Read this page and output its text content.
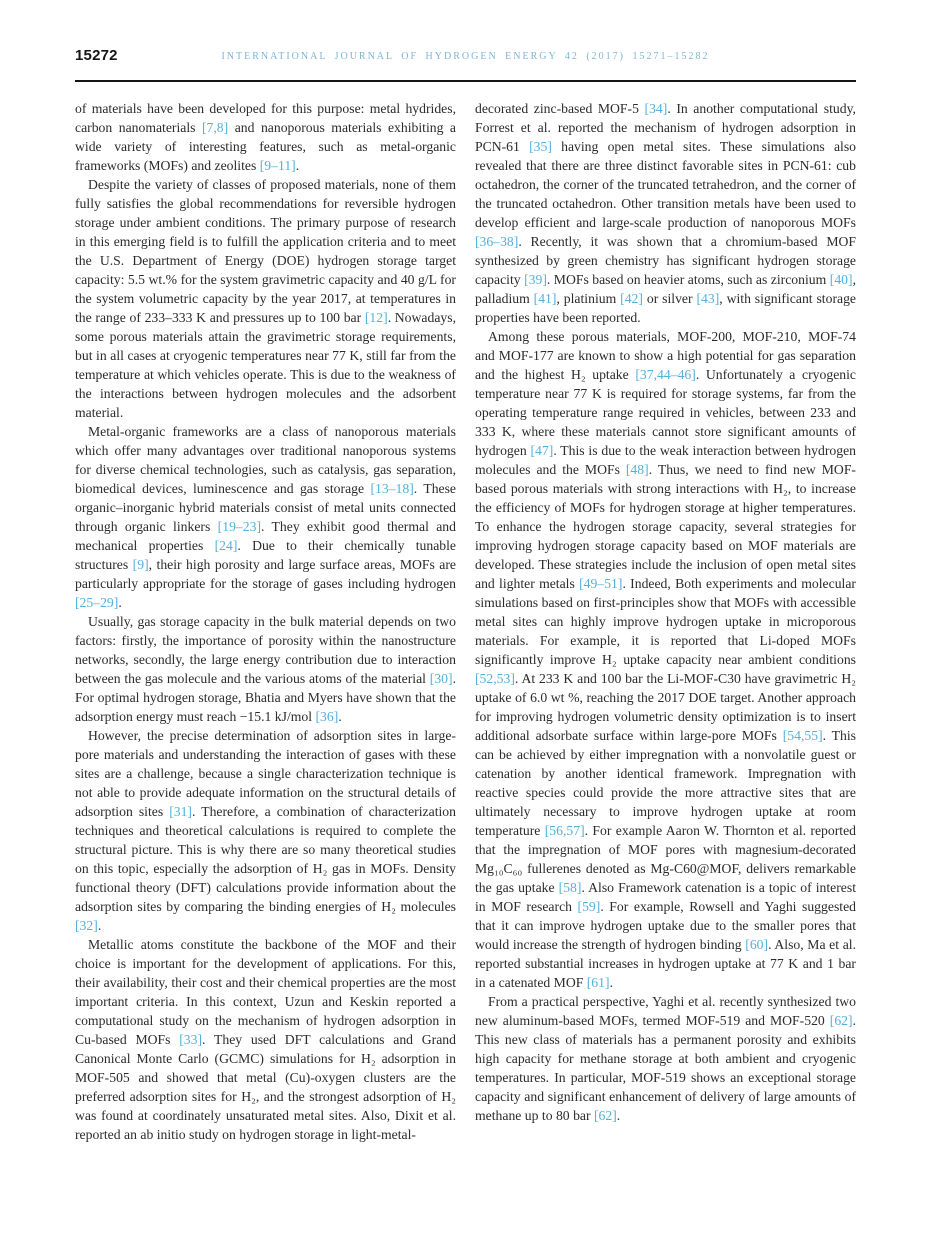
15272	INTERNATIONAL JOURNAL OF HYDROGEN ENERGY 42 (2017) 15271–15282

of materials have been developed for this purpose: metal hydrides, carbon nanomaterials [7,8] and nanoporous materials exhibiting a wide variety of interesting features, such as metal-organic frameworks (MOFs) and zeolites [9–11].

Despite the variety of classes of proposed materials, none of them fully satisfies the global recommendations for reversible hydrogen storage under ambient conditions. The primary purpose of research in this emerging field is to fulfill the application criteria and to meet the U.S. Department of Energy (DOE) hydrogen storage target capacity: 5.5 wt.% for the system gravimetric capacity and 40 g/L for the system volumetric capacity by the year 2017, at temperatures in the range of 233–333 K and pressures up to 100 bar [12]. Nowadays, some porous materials attain the gravimetric storage requirements, but in all cases at cryogenic temperatures near 77 K, still far from the temperature at which vehicles operate. This is due to the weakness of the interactions between hydrogen molecules and the adsorbent material.

Metal-organic frameworks are a class of nanoporous materials which offer many advantages over traditional nanoporous systems for diverse chemical technologies, such as catalysis, gas separation, biomedical devices, luminescence and gas storage [13–18]. These organic–inorganic hybrid materials consist of metal units connected through organic linkers [19–23]. They exhibit good thermal and mechanical properties [24]. Due to their chemically tunable structures [9], their high porosity and large surface areas, MOFs are particularly appropriate for the storage of gases including hydrogen [25–29].

Usually, gas storage capacity in the bulk material depends on two factors: firstly, the importance of porosity within the nanostructure networks, secondly, the large energy contribution due to interaction between the gas molecule and the various atoms of the material [30]. For optimal hydrogen storage, Bhatia and Myers have shown that the adsorption energy must reach −15.1 kJ/mol [36].

However, the precise determination of adsorption sites in large-pore materials and understanding the interaction of gases with these sites are a challenge, because a single characterization technique is not able to provide adequate information on the structural details of adsorption sites [31]. Therefore, a combination of characterization techniques and theoretical calculations is required to complete the structural picture. This is why there are so many theoretical studies on this topic, especially the adsorption of H₂ gas in MOFs. Density functional theory (DFT) calculations provide information about the adsorption sites by comparing the binding energies of H₂ molecules [32].

Metallic atoms constitute the backbone of the MOF and their choice is important for the development of applications. For this, their availability, their cost and their chemical properties are the most important criteria. In this context, Uzun and Keskin reported a computational study on the mechanism of hydrogen adsorption in Cu-based MOFs [33]. They used DFT calculations and Grand Canonical Monte Carlo (GCMC) simulations for H₂ adsorption in MOF-505 and showed that metal (Cu)-oxygen clusters are the preferred adsorption sites for H₂, and the strongest adsorption of H₂ was found at coordinately unsaturated metal sites. Also, Dixit et al. reported an ab initio study on hydrogen storage in light-metal-

decorated zinc-based MOF-5 [34]. In another computational study, Forrest et al. reported the mechanism of hydrogen adsorption in PCN-61 [35] having open metal sites. These simulations also revealed that there are three distinct favorable sites in PCN-61: cub octahedron, the corner of the truncated tetrahedron, and the corner of the truncated octahedron. Other transition metals have been used to develop efficient and large-scale production of nanoporous MOFs [36–38]. Recently, it was shown that a chromium-based MOF synthesized by green chemistry has significant hydrogen storage capacity [39]. MOFs based on heavier atoms, such as zirconium [40], palladium [41], platinium [42] or silver [43], with significant storage properties have been reported.

Among these porous materials, MOF-200, MOF-210, MOF-74 and MOF-177 are known to show a high potential for gas separation and the highest H₂ uptake [37,44–46]. Unfortunately a cryogenic temperature near 77 K is required for storage systems, far from the operating temperature range required in vehicles, between 233 and 333 K, where these materials cannot store significant amounts of hydrogen [47]. This is due to the weak interaction between hydrogen molecules and the MOFs [48]. Thus, we need to find new MOF-based porous materials with strong interactions with H₂, to increase the efficiency of MOFs for hydrogen storage at higher temperatures. To enhance the hydrogen storage capacity, several strategies for improving hydrogen storage capacity based on MOF materials are developed. These strategies include the inclusion of open metal sites and lighter metals [49–51]. Indeed, Both experiments and molecular simulations based on first-principles show that MOFs with accessible metal sites can highly improve hydrogen uptake in microporous materials. For example, it is reported that Li-doped MOFs significantly improve H₂ uptake capacity near ambient conditions [52,53]. At 233 K and 100 bar the Li-MOF-C30 have gravimetric H₂ uptake of 6.0 wt %, reaching the 2017 DOE target. Another approach for improving hydrogen volumetric density optimization is to insert additional adsorbate surface within large-pore MOFs [54,55]. This can be achieved by either impregnation with a nonvolatile guest or catenation by another identical framework. Impregnation with reactive species could provide the more attractive sites that are ultimately necessary to improve hydrogen uptake at room temperature [56,57]. For example Aaron W. Thornton et al. reported that the impregnation of MOF pores with magnesium-decorated Mg₁₀C₆₀ fullerenes denoted as Mg-C60@MOF, delivers remarkable the gas uptake [58]. Also Framework catenation is a topic of interest in MOF research [59]. For example, Rowsell and Yaghi suggested that it can improve hydrogen uptake due to the smaller pores that would increase the strength of hydrogen binding [60]. Also, Ma et al. reported substantial increases in hydrogen uptake at 77 K and 1 bar in a catenated MOF [61].

From a practical perspective, Yaghi et al. recently synthesized two new aluminum-based MOFs, termed MOF-519 and MOF-520 [62]. This new class of materials has a permanent porosity and exhibits high capacity for methane storage at both ambient and cryogenic temperatures. In particular, MOF-519 shows an exceptional storage capacity and significant enhancement of delivery of large amounts of methane up to 80 bar [62].
